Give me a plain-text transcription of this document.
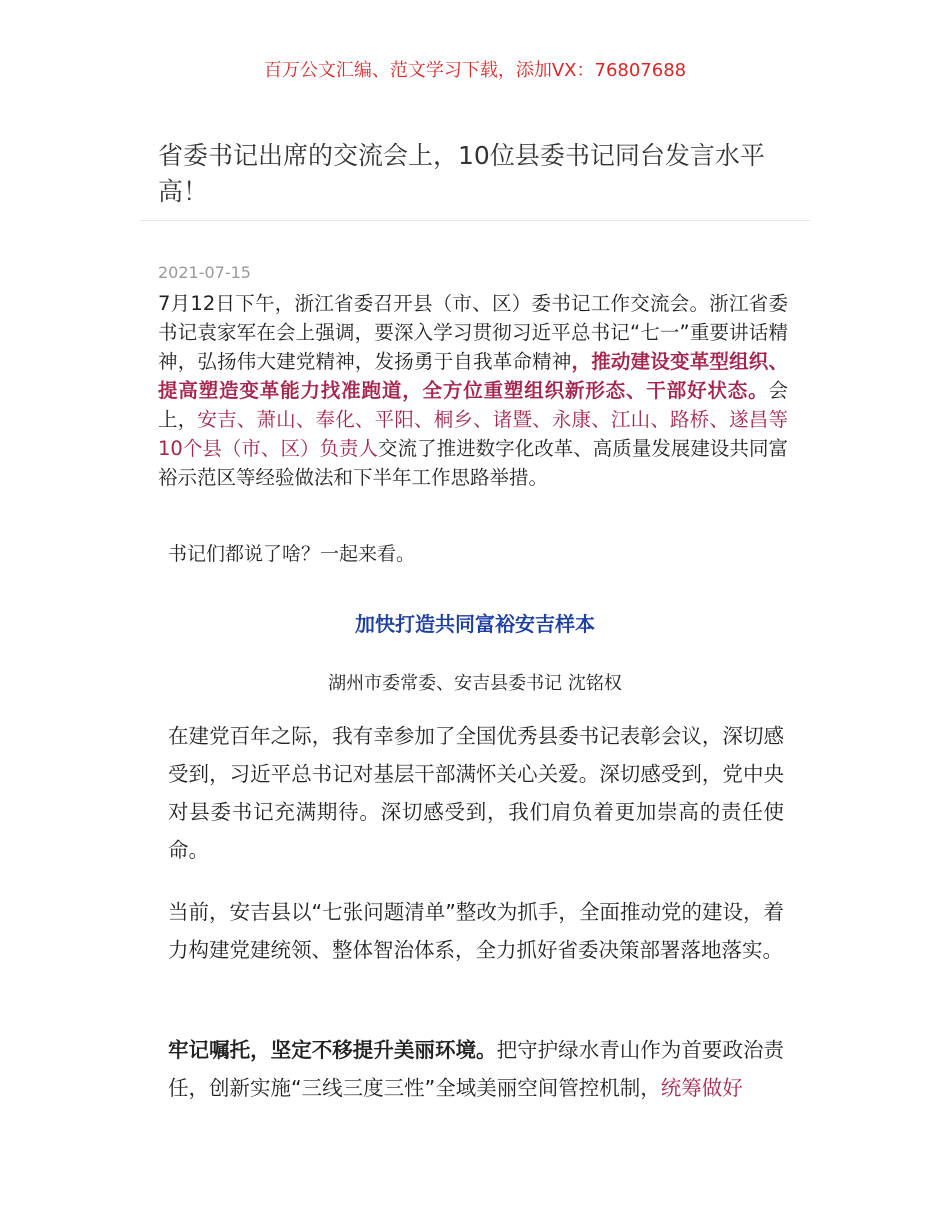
百万公文汇编、范文学习下载，添加VX：76807688
省委书记出席的交流会上，10位县委书记同台发言水平高！
2021-07-15

7月12日下午，浙江省委召开县（市、区）委书记工作交流会。浙江省委书记袁家军在会上强调，要深入学习贯彻习近平总书记“七一”重要讲话精神，弘扬伟大建党精神，发扬勇于自我革命精神，推动建设变革型组织、提高塑造变革能力找准跑道，全方位重塑组织新形态、干部好状态。会上，安吉、萧山、奉化、平阳、桐乡、诸暨、永康、江山、路桥、遂昌等10个县（市、区）负责人交流了推进数字化改革、高质量发展建设共同富裕示范区等经验做法和下半年工作思路举措。

书记们都说了啥？一起来看。

加快打造共同富裕安吉样本
湖州市委常委、安吉县委书记 沈铭权

在建党百年之际，我有幸参加了全国优秀县委书记表彰会议，深切感受到，习近平总书记对基层干部满怀关心关爱。深切感受到，党中央对县委书记充满期待。深切感受到，我们肩负着更加崇高的责任使命。

当前，安吉县以“七张问题清单”整改为抓手，全面推动党的建设，着力构建党建统领、整体智治体系，全力抓好省委决策部署落地落实。

牢记嘱托，坚定不移提升美丽环境。把守护绿水青山作为首要政治责任，创新实施“三线三度三性”全域美丽空间管控机制，统筹做好
